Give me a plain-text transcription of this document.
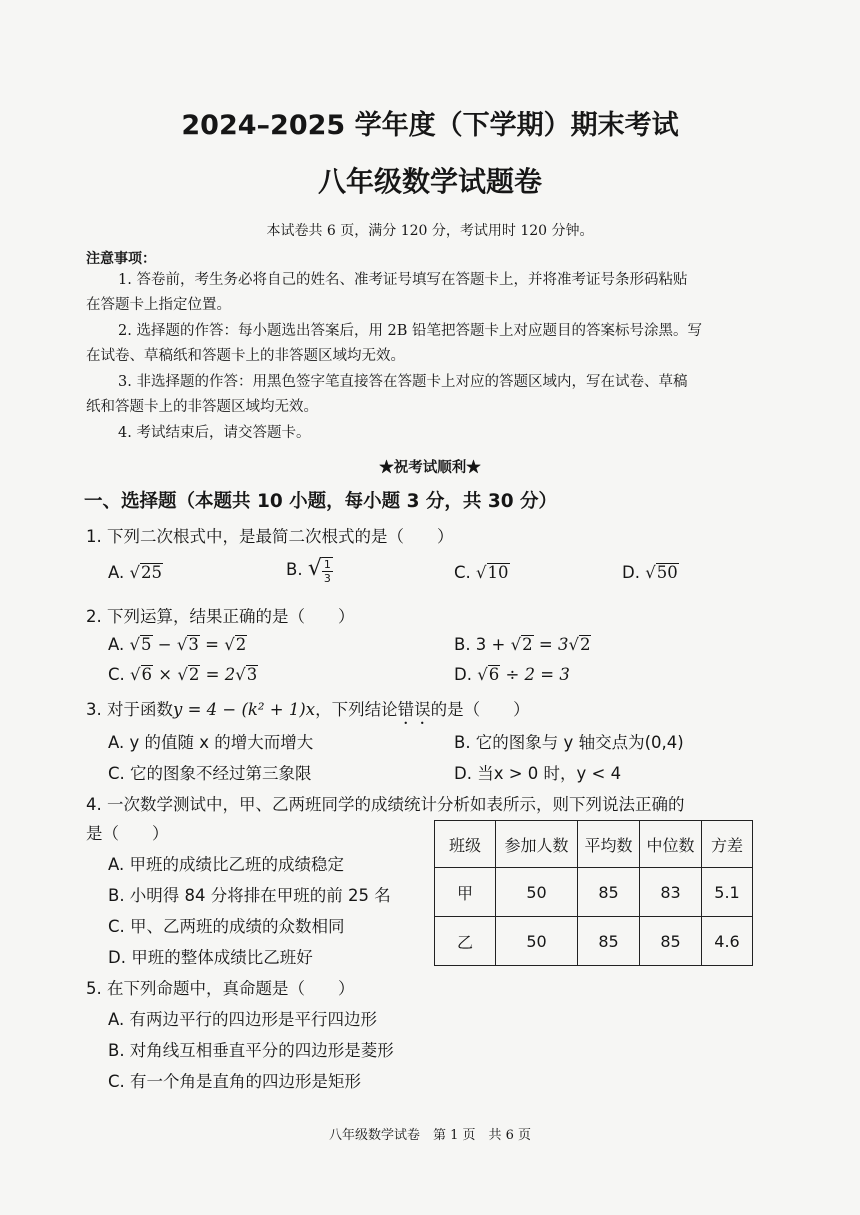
2024–2025 学年度（下学期）期末考试
八年级数学试题卷
本试卷共 6 页，满分 120 分，考试用时 120 分钟。
注意事项：
1. 答卷前，考生务必将自己的姓名、准考证号填写在答题卡上，并将准考证号条形码粘贴
在答题卡上指定位置。
2. 选择题的作答：每小题选出答案后，用 2B 铅笔把答题卡上对应题目的答案标号涂黑。写
在试卷、草稿纸和答题卡上的非答题区域均无效。
3. 非选择题的作答：用黑色签字笔直接答在答题卡上对应的答题区域内，写在试卷、草稿
纸和答题卡上的非答题区域均无效。
4. 考试结束后，请交答题卡。
★祝考试顺利★
一、选择题（本题共 10 小题，每小题 3 分，共 30 分）
1. 下列二次根式中，是最简二次根式的是（　　）
A. √25	B. √ $\frac{1}{3}$	C. √10	D. √50
2. 下列运算，结果正确的是（　　）
A. √5 − √3 = √2	B. 3 + √2 = 3√2
C. √6 × √2 = 2√3	D. √6 ÷ 2 = 3
3. 对于函数y = 4 − (k² + 1)x，下列结论错误的是（　　）
A. y 的值随 x 的增大而增大	B. 它的图象与 y 轴交点为(0,4)
C. 它的图象不经过第三象限	D. 当x > 0 时，y < 4
4. 一次数学测试中，甲、乙两班同学的成绩统计分析如表所示，则下列说法正确的
是（　　）
A. 甲班的成绩比乙班的成绩稳定
B. 小明得 84 分将排在甲班的前 25 名
C. 甲、乙两班的成绩的众数相同
D. 甲班的整体成绩比乙班好
班级	参加人数	平均数	中位数	方差
甲	50	85	83	5.1
乙	50	85	85	4.6
5. 在下列命题中，真命题是（　　）
A. 有两边平行的四边形是平行四边形
B. 对角线互相垂直平分的四边形是菱形
C. 有一个角是直角的四边形是矩形
八年级数学试卷　第 1 页　共 6 页
